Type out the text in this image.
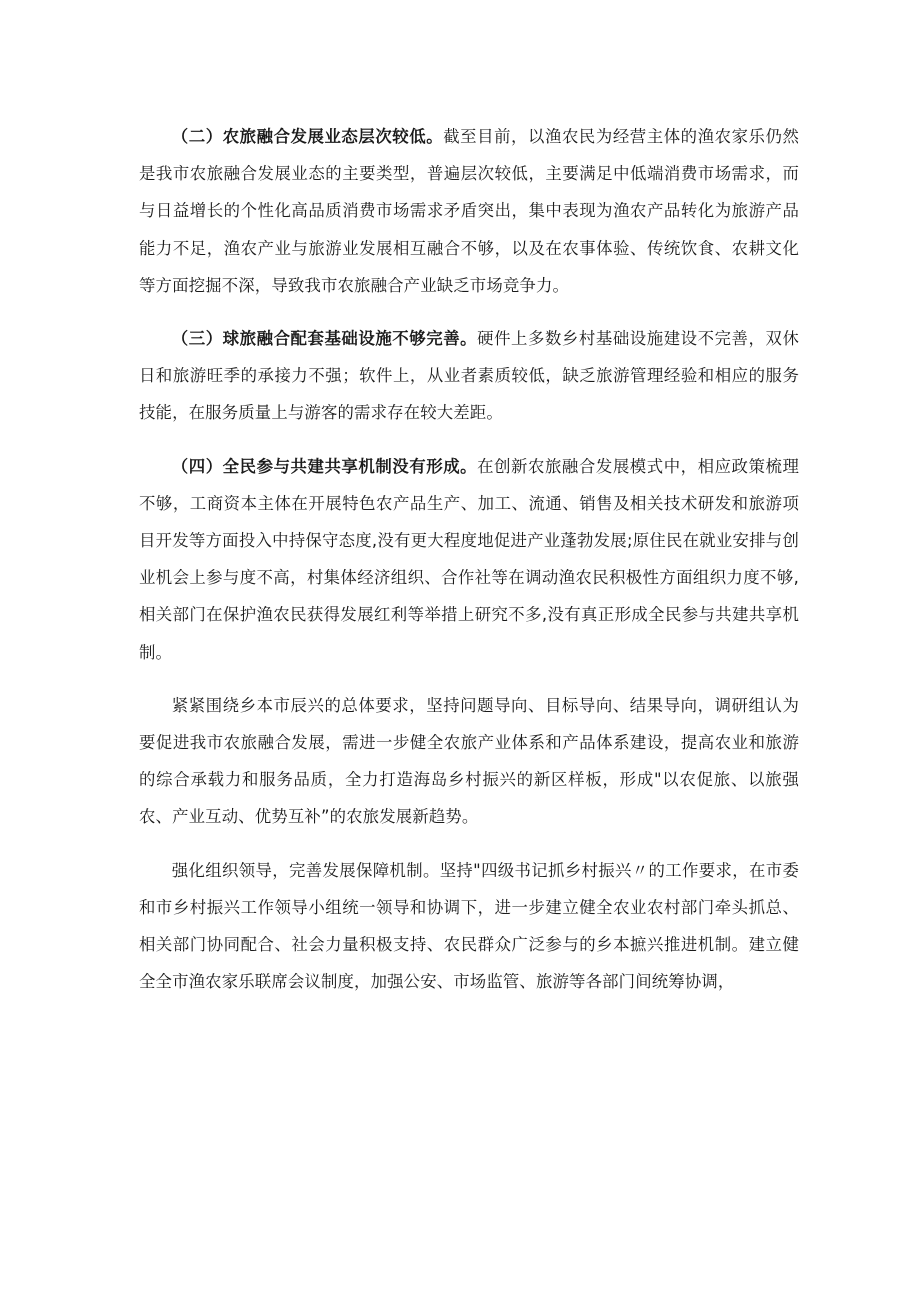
（二）农旅融合发展业态层次较低。截至目前，以渔农民为经营主体的渔农家乐仍然是我市农旅融合发展业态的主要类型，普遍层次较低，主要满足中低端消费市场需求，而与日益增长的个性化高品质消费市场需求矛盾突出，集中表现为渔农产品转化为旅游产品能力不足，渔农产业与旅游业发展相互融合不够，以及在农事体验、传统饮食、农耕文化等方面挖掘不深，导致我市农旅融合产业缺乏市场竞争力。

（三）球旅融合配套基础设施不够完善。硬件上多数乡村基础设施建设不完善，双休日和旅游旺季的承接力不强；软件上，从业者素质较低，缺乏旅游管理经验和相应的服务技能，在服务质量上与游客的需求存在较大差距。

（四）全民参与共建共享机制没有形成。在创新农旅融合发展模式中，相应政策梳理不够，工商资本主体在开展特色农产品生产、加工、流通、销售及相关技术研发和旅游项目开发等方面投入中持保守态度,没有更大程度地促进产业蓬勃发展;原住民在就业安排与创业机会上参与度不高，村集体经济组织、合作社等在调动渔农民积极性方面组织力度不够,相关部门在保护渔农民获得发展红利等举措上研究不多,没有真正形成全民参与共建共享机制。

紧紧围绕乡本市辰兴的总体要求，坚持问题导向、目标导向、结果导向，调研组认为要促进我市农旅融合发展，需进一步健全农旅产业体系和产品体系建设，提高农业和旅游的综合承载力和服务品质，全力打造海岛乡村振兴的新区样板，形成"以农促旅、以旅强农、产业互动、优势互补”的农旅发展新趋势。

强化组织领导，完善发展保障机制。坚持"四级书记抓乡村振兴〃的工作要求，在市委和市乡村振兴工作领导小组统一领导和协调下，进一步建立健全农业农村部门牵头抓总、相关部门协同配合、社会力量积极支持、农民群众广泛参与的乡本摭兴推进机制。建立健全全市渔农家乐联席会议制度，加强公安、市场监管、旅游等各部门间统筹协调，
